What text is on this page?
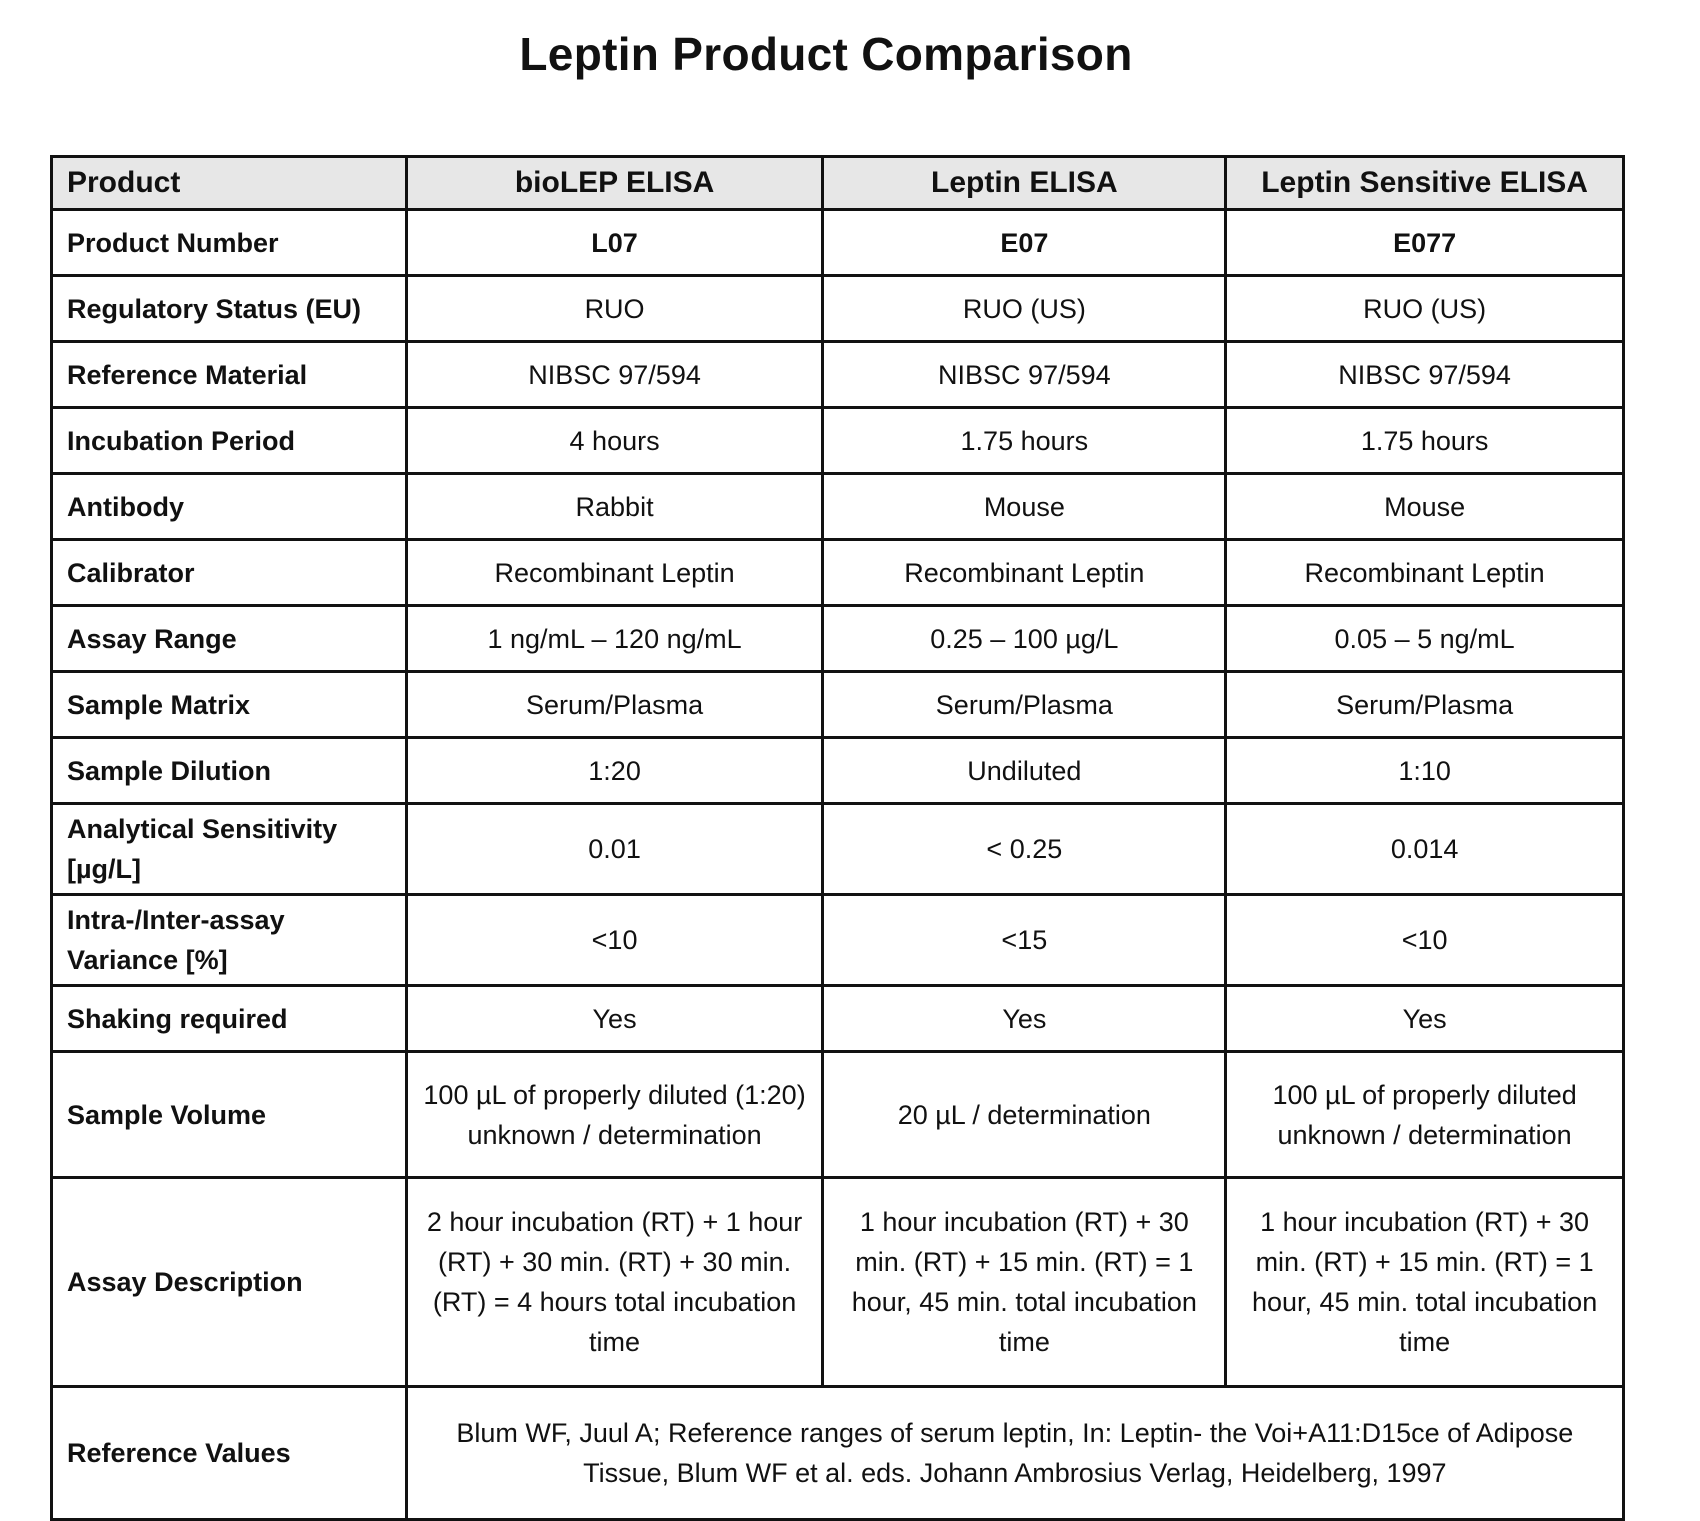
Leptin Product Comparison
Product	bioLEP ELISA	Leptin ELISA	Leptin Sensitive ELISA
Product Number	L07	E07	E077
Regulatory Status (EU)	RUO	RUO (US)	RUO (US)
Reference Material	NIBSC 97/594	NIBSC 97/594	NIBSC 97/594
Incubation Period	4 hours	1.75 hours	1.75 hours
Antibody	Rabbit	Mouse	Mouse
Calibrator	Recombinant Leptin	Recombinant Leptin	Recombinant Leptin
Assay Range	1 ng/mL – 120 ng/mL	0.25 – 100 µg/L	0.05 – 5 ng/mL
Sample Matrix	Serum/Plasma	Serum/Plasma	Serum/Plasma
Sample Dilution	1:20	Undiluted	1:10
Analytical Sensitivity [µg/L]	0.01	< 0.25	0.014
Intra-/Inter-assay Variance [%]	<10	<15	<10
Shaking required	Yes	Yes	Yes
Sample Volume	100 µL of properly diluted (1:20) unknown / determination	20 µL / determination	100 µL of properly diluted unknown / determination
Assay Description	2 hour incubation (RT) + 1 hour (RT) + 30 min. (RT) + 30 min. (RT) = 4 hours total incubation time	1 hour incubation (RT) + 30 min. (RT) + 15 min. (RT) = 1 hour, 45 min. total incubation time	1 hour incubation (RT) + 30 min. (RT) + 15 min. (RT) = 1 hour, 45 min. total incubation time
Reference Values	Blum WF, Juul A; Reference ranges of serum leptin, In: Leptin- the Voi+A11:D15ce of Adipose Tissue, Blum WF et al. eds. Johann Ambrosius Verlag, Heidelberg, 1997		
